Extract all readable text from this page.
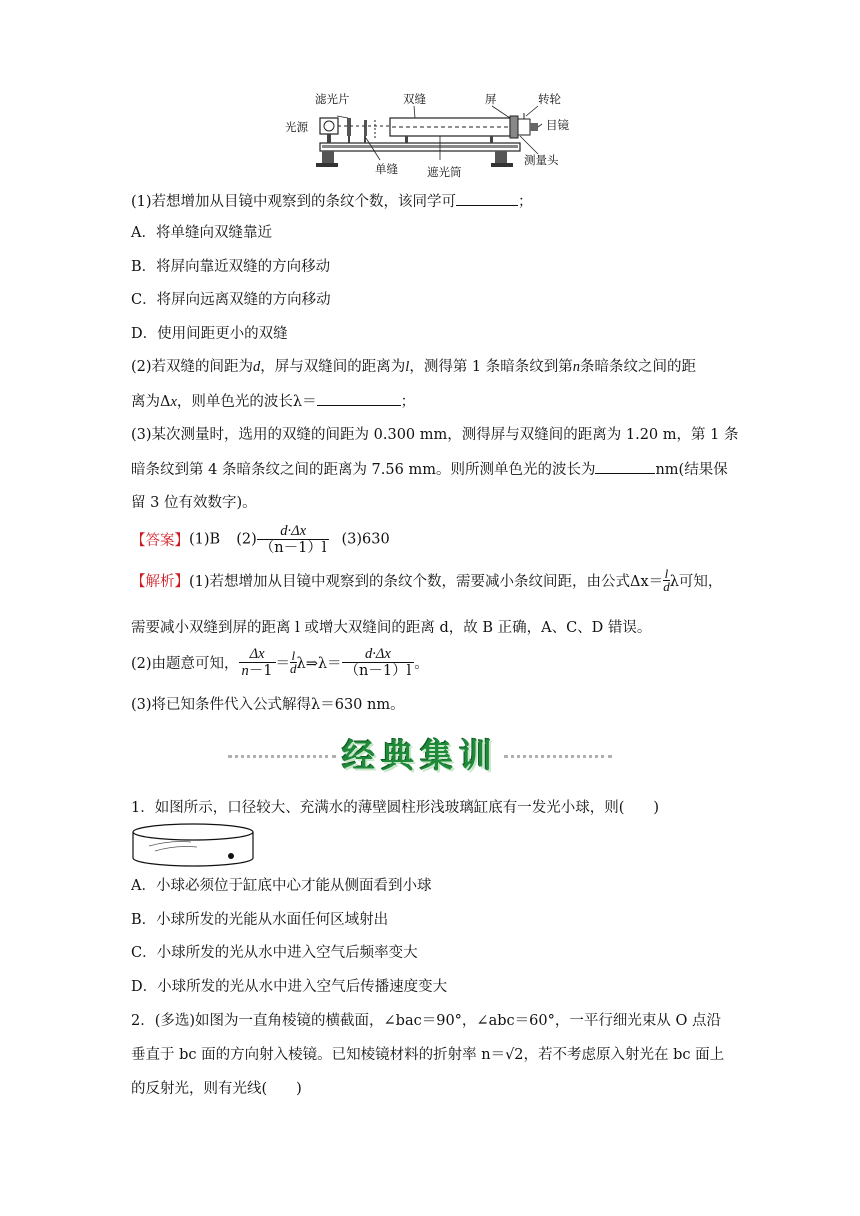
滤光片	双缝	屏	转轮
光源	目镜
单缝	遮光筒
测量头
(1)若想增加从目镜中观察到的条纹个数，该同学可	；
A．将单缝向双缝靠近
B．将屏向靠近双缝的方向移动
C．将屏向远离双缝的方向移动
D．使用间距更小的双缝
(2)若双缝的间距为d，屏与双缝间的距离为l，测得第 1 条暗条纹到第n条暗条纹之间的距
离为Δx，则单色光的波长λ＝	；
(3)某次测量时，选用的双缝的间距为 0.300 mm，测得屏与双缝间的距离为 1.20 m，第 1 条
暗条纹到第 4 条暗条纹之间的距离为 7.56 mm。则所测单色光的波长为	nm(结果保
留 3 位有效数字)。
【答案】(1)B $(2) \frac{d\cdot\Delta x}{(n-1)l} (3)630$
【解析】(1)若想增加从目镜中观察到的条纹个数，需要减小条纹间距，由公式$\Delta x= \frac{l}{d}$ λ可知，
需要减小双缝到屏的距离 l 或增大双缝间的距离 d，故 B 正确，A、C、D 错误。
(2)由题意可知， $\frac{\Delta x}{n-1} = \frac{l}{d}$ λ⇒λ＝ $\frac{d\cdot\Delta x}{(n-1)l}$ 。
(3)将已知条件代入公式解得λ＝630 nm。
经典集训
1．如图所示，口径较大、充满水的薄壁圆柱形浅玻璃缸底有一发光小球，则(　　)
A．小球必须位于缸底中心才能从侧面看到小球
B．小球所发的光能从水面任何区域射出
C．小球所发的光从水中进入空气后频率变大
D．小球所发的光从水中进入空气后传播速度变大
2．(多选)如图为一直角棱镜的横截面，∠bac＝90°，∠abc＝60°，一平行细光束从 O 点沿
垂直于 bc 面的方向射入棱镜。已知棱镜材料的折射率 n＝√2，若不考虑原入射光在 bc 面上
的反射光，则有光线(　　)
